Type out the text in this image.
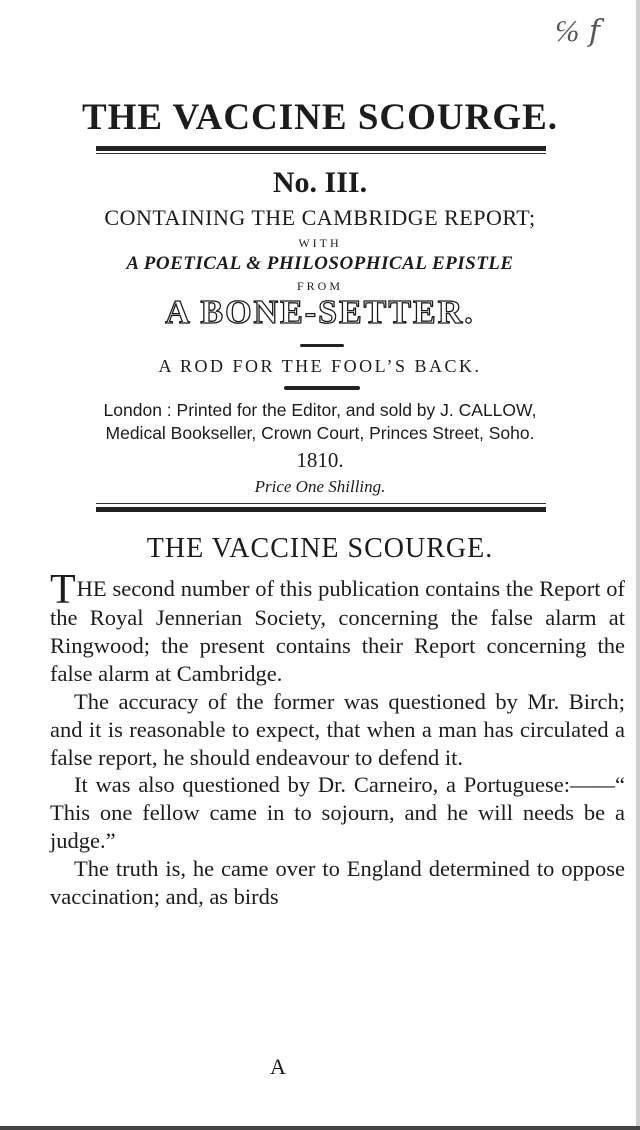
℅ f
THE VACCINE SCOURGE.
No. III.
CONTAINING THE CAMBRIDGE REPORT;
WITH
A POETICAL & PHILOSOPHICAL EPISTLE
FROM
A BONE-SETTER.
A ROD FOR THE FOOL’S BACK.
London : Printed for the Editor, and sold by J. CALLOW,
Medical Bookseller, Crown Court, Princes Street, Soho.
1810.
Price One Shilling.
THE VACCINE SCOURGE.

THE second number of this publication contains the Report of the Royal Jennerian Society, concerning the false alarm at Ringwood; the present contains their Report concerning the false alarm at Cambridge.

The accuracy of the former was questioned by Mr. Birch; and it is reasonable to expect, that when a man has circulated a false report, he should endeavour to defend it.

It was also questioned by Dr. Carneiro, a Portuguese:——“ This one fellow came in to sojourn, and he will needs be a judge.”

The truth is, he came over to England determined to oppose vaccination; and, as birds

A
